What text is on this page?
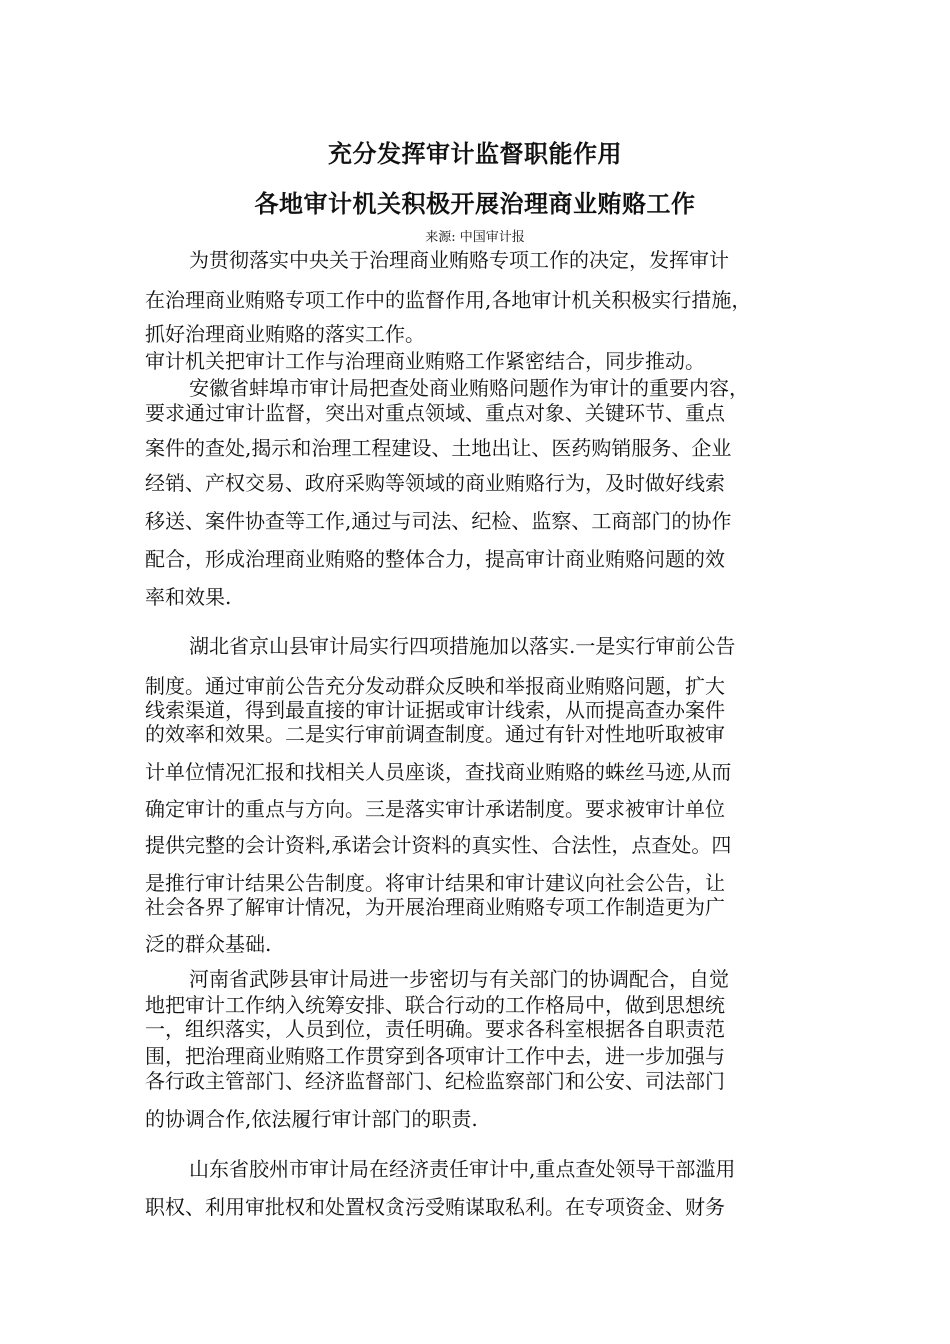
充分发挥审计监督职能作用
各地审计机关积极开展治理商业贿赂工作

来源: 中国审计报

为贯彻落实中央关于治理商业贿赂专项工作的决定，发挥审计

在治理商业贿赂专项工作中的监督作用,各地审计机关积极实行措施，

抓好治理商业贿赂的落实工作。

审计机关把审计工作与治理商业贿赂工作紧密结合，同步推动。

安徽省蚌埠市审计局把查处商业贿赂问题作为审计的重要内容，

要求通过审计监督，突出对重点领域、重点对象、关键环节、重点

案件的查处,揭示和治理工程建设、土地出让、医药购销服务、企业

经销、产权交易、政府采购等领域的商业贿赂行为，及时做好线索

移送、案件协查等工作,通过与司法、纪检、监察、工商部门的协作

配合，形成治理商业贿赂的整体合力，提高审计商业贿赂问题的效

率和效果.

湖北省京山县审计局实行四项措施加以落实.一是实行审前公告

制度。通过审前公告充分发动群众反映和举报商业贿赂问题，扩大

线索渠道，得到最直接的审计证据或审计线索，从而提高查办案件

的效率和效果。二是实行审前调查制度。通过有针对性地听取被审

计单位情况汇报和找相关人员座谈，查找商业贿赂的蛛丝马迹,从而

确定审计的重点与方向。三是落实审计承诺制度。要求被审计单位

提供完整的会计资料,承诺会计资料的真实性、合法性，点查处。四

是推行审计结果公告制度。将审计结果和审计建议向社会公告，让

社会各界了解审计情况，为开展治理商业贿赂专项工作制造更为广

泛的群众基础.

河南省武陟县审计局进一步密切与有关部门的协调配合，自觉

地把审计工作纳入统筹安排、联合行动的工作格局中，做到思想统

一，组织落实，人员到位，责任明确。要求各科室根据各自职责范

围，把治理商业贿赂工作贯穿到各项审计工作中去，进一步加强与

各行政主管部门、经济监督部门、纪检监察部门和公安、司法部门

的协调合作,依法履行审计部门的职责.

山东省胶州市审计局在经济责任审计中,重点查处领导干部滥用

职权、利用审批权和处置权贪污受贿谋取私利。在专项资金、财务
